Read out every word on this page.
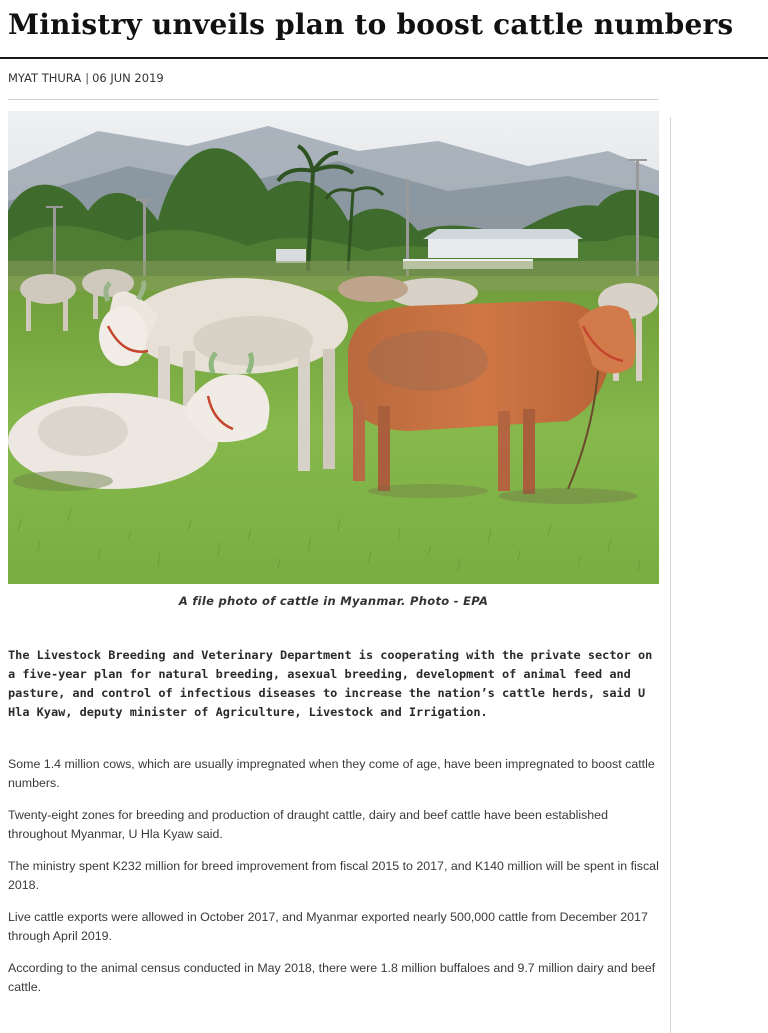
Ministry unveils plan to boost cattle numbers
MYAT THURA | 06 JUN 2019
A file photo of cattle in Myanmar. Photo - EPA

The Livestock Breeding and Veterinary Department is cooperating with the private sector on a five-year plan for natural breeding, asexual breeding, development of animal feed and pasture, and control of infectious diseases to increase the nation’s cattle herds, said U Hla Kyaw, deputy minister of Agriculture, Livestock and Irrigation.

Some 1.4 million cows, which are usually impregnated when they come of age, have been impregnated to boost cattle numbers.

Twenty-eight zones for breeding and production of draught cattle, dairy and beef cattle have been established throughout Myanmar, U Hla Kyaw said.

The ministry spent K232 million for breed improvement from fiscal 2015 to 2017, and K140 million will be spent in fiscal 2018.

Live cattle exports were allowed in October 2017, and Myanmar exported nearly 500,000 cattle from December 2017 through April 2019.

According to the animal census conducted in May 2018, there were 1.8 million buffaloes and 9.7 million dairy and beef cattle.
